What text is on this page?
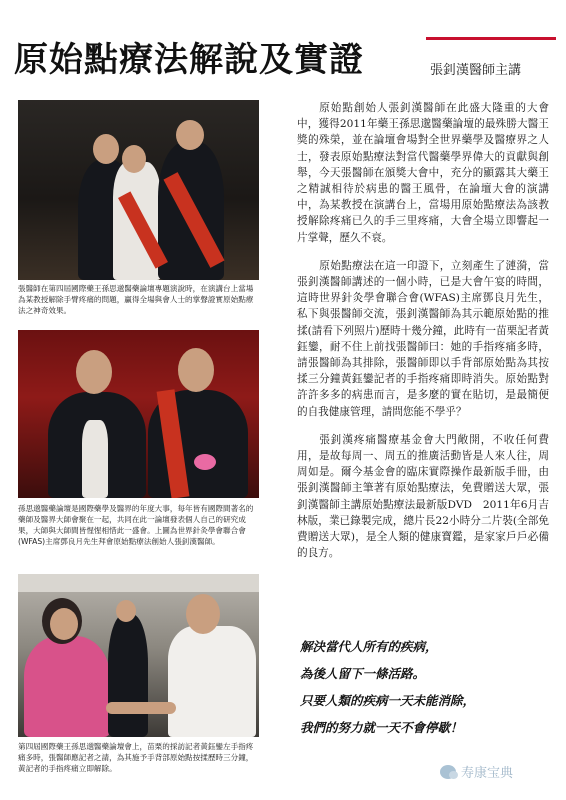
原始點療法解說及實證	張釗漢醫師主講
張醫師在第四屆國際藥王孫思邈醫藥論壇專題演說時，在演講台上當場為某教授解除手臂疼痛的問題，贏得全場與會人士的掌聲證實原始點療法之神奇效果。
孫思邈醫藥論壇是國際藥學及醫界的年度大事，每年皆有國際間著名的藥師及醫界大師會聚在一起，共同在此一論壇發表個人自己的研究成果，大師與大師間皆惺惺相惜此一盛會。上圖為世界針灸學會聯合會(WFAS)主席鄧良月先生拜會原始點療法創始人張釗漢醫師。
第四屆國際藥王孫思邈醫藥論壇會上，苗栗的採訪記者黃鈺鑾左手指疼痛多時，張醫師應記者之請，為其施予手背部原始點按揉歷時三分鐘，黃記者的手指疼痛立即解除。

原始點創始人張釗漢醫師在此盛大隆重的大會中，獲得2011年藥王孫思邈醫藥論壇的最殊勝大醫王獎的殊榮，並在論壇會場對全世界藥學及醫療界之人士，發表原始點療法對當代醫藥學界偉大的貢獻與創舉，今天張醫師在頒獎大會中，充分的顯露其大藥王之精誠相待於病患的醫王風骨，在論壇大會的演講中，為某教授在演講台上，當場用原始點療法為該教授解除疼痛已久的手三里疼痛，大會全場立即響起一片掌聲，歷久不衰。

原始點療法在這一印證下，立刻產生了漣漪，當張釗漢醫師講述的一個小時，已是大會午宴的時間，這時世界針灸學會聯合會(WFAS)主席鄧良月先生，私下與張醫師交流，張釗漢醫師為其示範原始點的推揉(請看下列照片)歷時十幾分鐘，此時有一苗栗記者黃鈺鑾，耐不住上前找張醫師曰：她的手指疼痛多時，請張醫師為其排除，張醫師即以手背部原始點為其按揉三分鐘黃鈺鑾記者的手指疼痛即時消失。原始點對許許多多的病患而言，是多麼的實在貼切，是最簡便的自我健康管理，請問您能不學乎？

張釗漢疼痛醫療基金會大門敞開，不收任何費用，是故每周一、周五的推廣活動皆是人來人往，周周如是。爾今基金會的臨床實際操作最新版手冊，由張釗漢醫師主筆著有原始點療法，免費贈送大眾，張釗漢醫師主講原始點療法最新版DVD　2011年6月吉林版，業已錄製完成，總片長22小時分二片裝(全部免費贈送大眾)，是全人類的健康寶鑑，是家家戶戶必備的良方。

解決當代人所有的疾病，
為後人留下一條活路。
只要人類的疾病一天未能消除，
我們的努力就一天不會停歇！
寿康宝典
